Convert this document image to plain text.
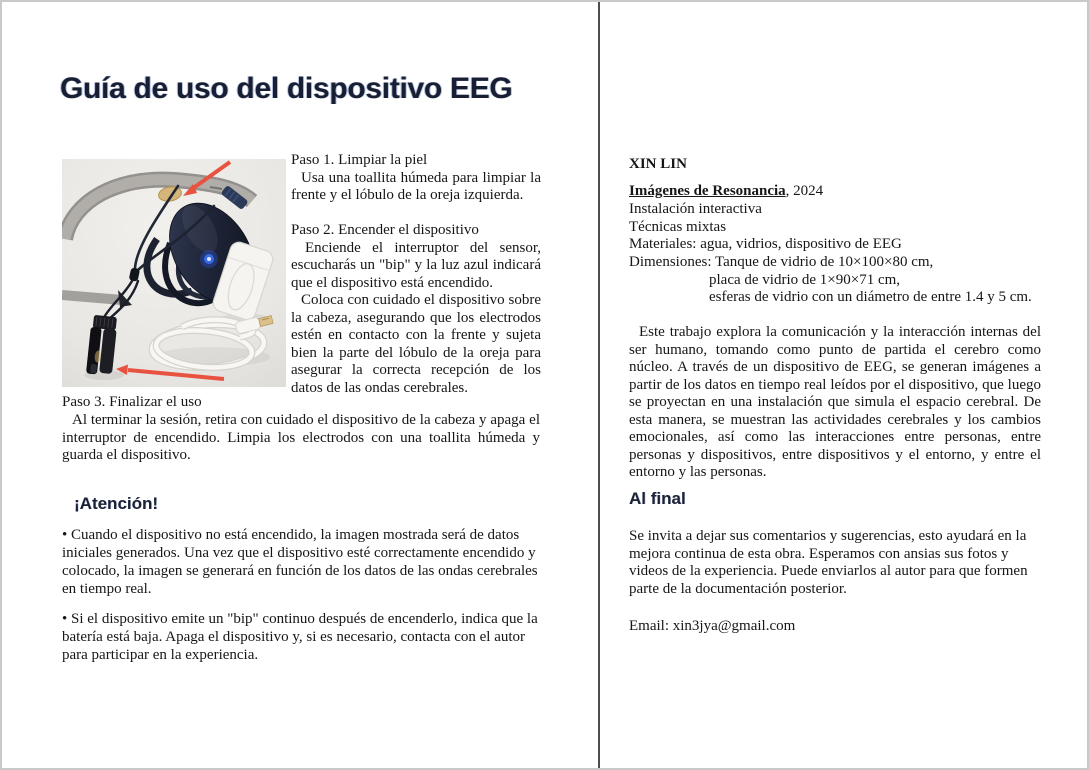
Guía de uso del dispositivo EEG

Paso 1. Limpiar la piel

Usa una toallita húmeda para limpiar la frente y el lóbulo de la oreja izquierda.

Paso 2. Encender el dispositivo

Enciende el interruptor del sensor, escucharás un "bip" y la luz azul indicará que el dispositivo está encendido.

Coloca con cuidado el dispositivo sobre la cabeza, asegurando que los electrodos estén en contacto con la frente y sujeta bien la parte del lóbulo de la oreja para asegurar la correcta recepción de los datos de las ondas cerebrales.

Paso 3. Finalizar el uso

Al terminar la sesión, retira con cuidado el dispositivo de la cabeza y apaga el interruptor de encendido. Limpia los electrodos con una toallita húmeda y guarda el dispositivo.

¡Atención!

• Cuando el dispositivo no está encendido, la imagen mostrada será de datos iniciales generados. Una vez que el dispositivo esté correctamente encendido y colocado, la imagen se generará en función de los datos de las ondas cerebrales en tiempo real.

• Si el dispositivo emite un "bip" continuo después de encenderlo, indica que la batería está baja. Apaga el dispositivo y, si es necesario, contacta con el autor para participar en la experiencia.

XIN LIN

Imágenes de Resonancia, 2024

Instalación interactiva

Técnicas mixtas

Materiales: agua, vidrios, dispositivo de EEG

Dimensiones: Tanque de vidrio de 10×100×80 cm,

placa de vidrio de 1×90×71 cm,

esferas de vidrio con un diámetro de entre 1.4 y 5 cm.

Este trabajo explora la comunicación y la interacción internas del ser humano, tomando como punto de partida el cerebro como núcleo. A través de un dispositivo de EEG, se generan imágenes a partir de los datos en tiempo real leídos por el dispositivo, que luego se proyectan en una instalación que simula el espacio cerebral. De esta manera, se muestran las actividades cerebrales y los cambios emocionales, así como las interacciones entre personas, entre personas y dispositivos, entre dispositivos y el entorno, y entre el entorno y las personas.

Al final

Se invita a dejar sus comentarios y sugerencias, esto ayudará en la mejora continua de esta obra. Esperamos con ansias sus fotos y videos de la experiencia. Puede enviarlos al autor para que formen parte de la documentación posterior.

Email: xin3jya@gmail.com
